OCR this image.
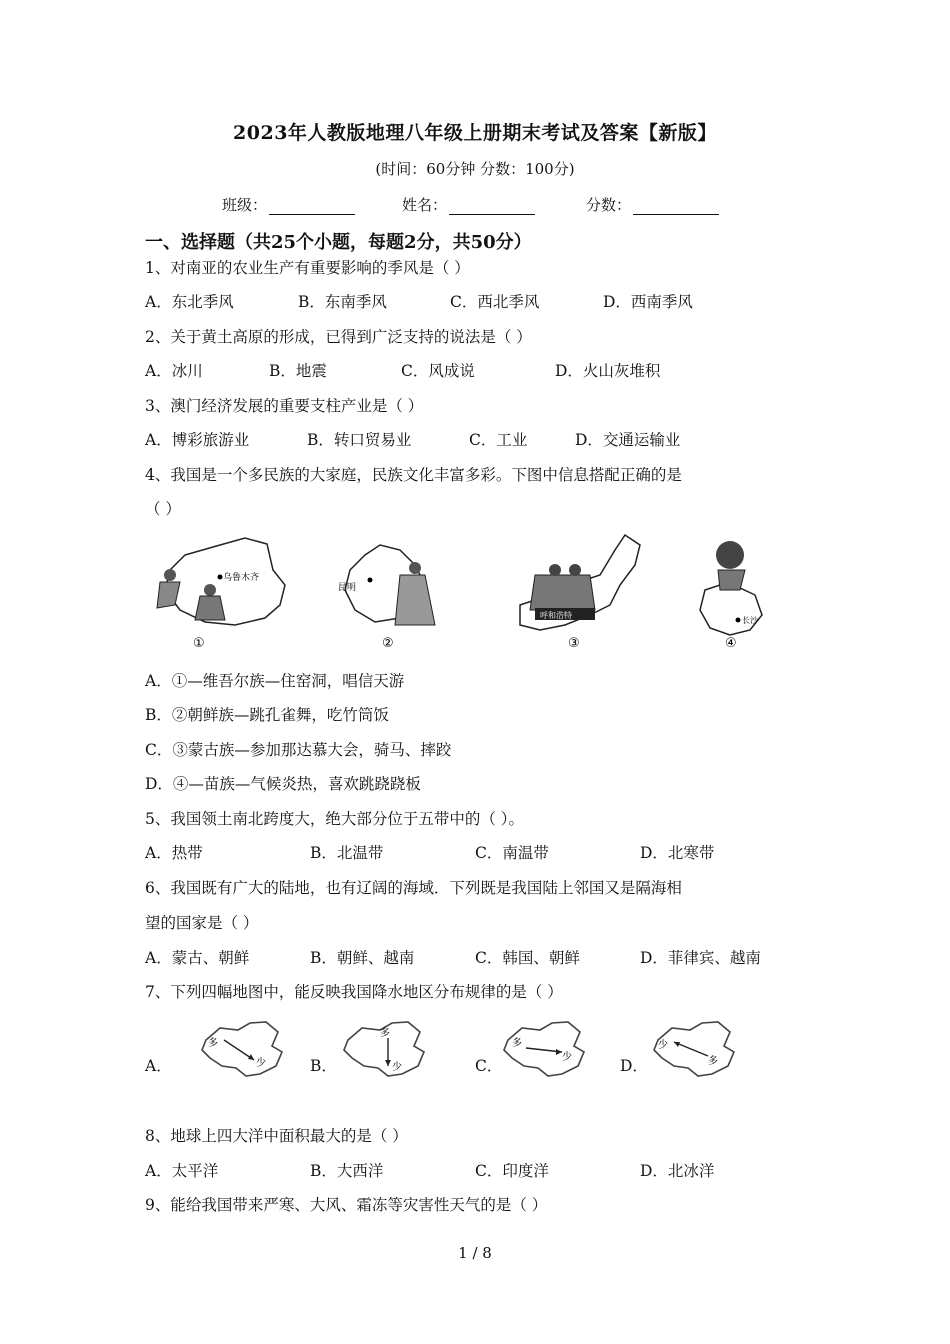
2023年人教版地理八年级上册期末考试及答案【新版】
(时间：60分钟 分数：100分)
班级：	姓名：	分数：
一、选择题（共25个小题，每题2分，共50分）
1、对南亚的农业生产有重要影响的季风是（ ）
A．东北季风	B．东南季风	C．西北季风	D．西南季风
2、关于黄土高原的形成，已得到广泛支持的说法是（ ）
A．冰川	B．地震	C．风成说	D．火山灰堆积
3、澳门经济发展的重要支柱产业是（ ）
A．博彩旅游业	B．转口贸易业	C．工业	D．交通运输业
4、我国是一个多民族的大家庭，民族文化丰富多彩。下图中信息搭配正确的是
（ ）
乌鲁木齐
①
昆明
②
呼和浩特
③
长沙
④
A．①—维吾尔族—住窑洞，唱信天游
B．②朝鲜族—跳孔雀舞，吃竹筒饭
C．③蒙古族—参加那达慕大会，骑马、摔跤
D．④—苗族—气候炎热，喜欢跳跷跷板
5、我国领土南北跨度大，绝大部分位于五带中的（ ）。
A．热带	B．北温带	C．南温带	D．北寒带
6、我国既有广大的陆地，也有辽阔的海域．下列既是我国陆上邻国又是隔海相
望的国家是（ ）
A．蒙古、朝鲜	B．朝鲜、越南	C．韩国、朝鲜	D．菲律宾、越南
7、下列四幅地图中，能反映我国降水地区分布规律的是（ ）
A．
多
少	B．
多
少	C．
多
少	D．
少
多
8、地球上四大洋中面积最大的是（ ）
A．太平洋	B．大西洋	C．印度洋	D．北冰洋
9、能给我国带来严寒、大风、霜冻等灾害性天气的是（ ）
1 / 8
